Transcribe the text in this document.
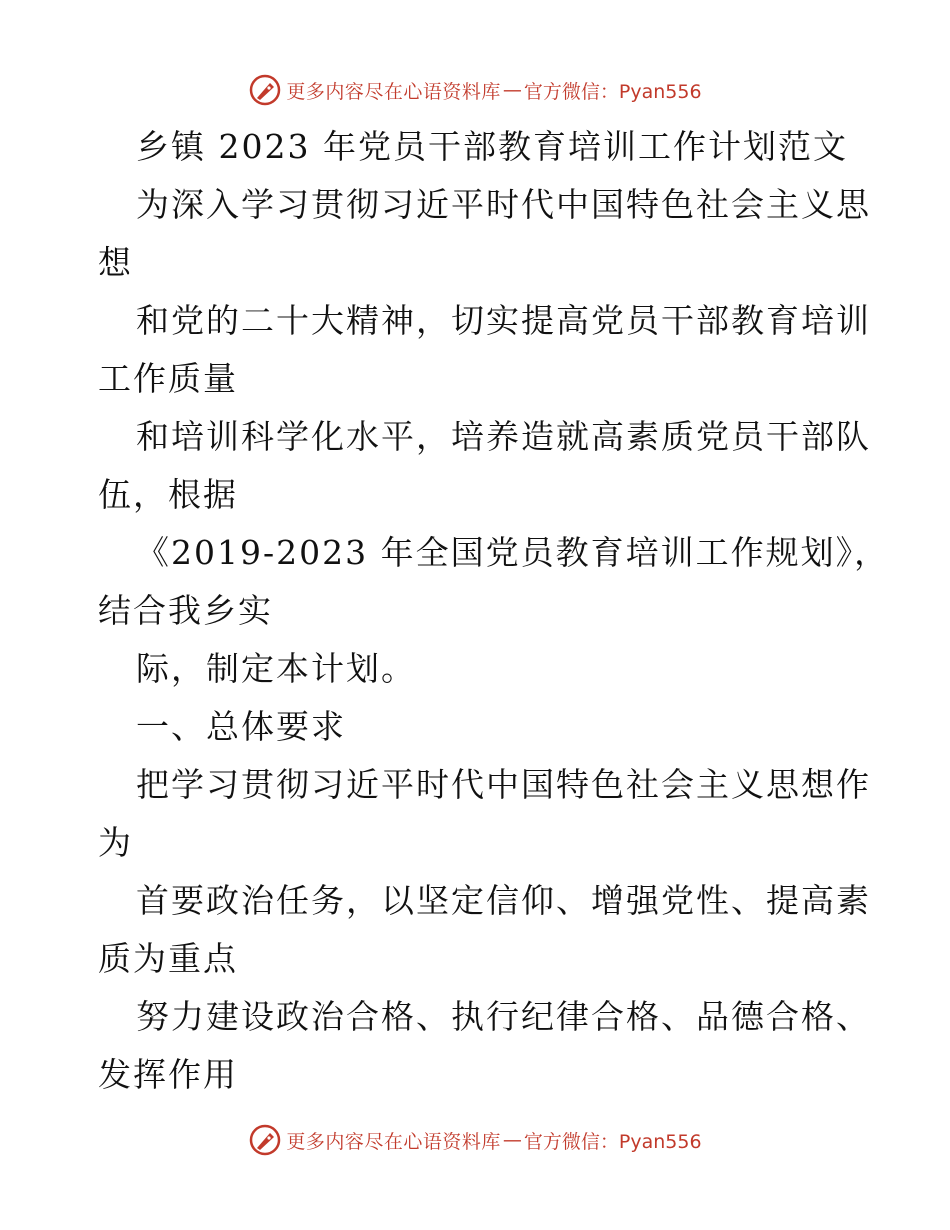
更多内容尽在心语资料库 — 官方微信：Pyan556
乡镇 2023 年党员干部教育培训工作计划范文
为深入学习贯彻习近平时代中国特色社会主义思
想
和党的二十大精神，切实提高党员干部教育培训
工作质量
和培训科学化水平，培养造就高素质党员干部队
伍，根据
《2019-2023 年全国党员教育培训工作规划》，
结合我乡实
际，制定本计划。
一、总体要求
把学习贯彻习近平时代中国特色社会主义思想作
为
首要政治任务，以坚定信仰、增强党性、提高素
质为重点
努力建设政治合格、执行纪律合格、品德合格、
发挥作用
更多内容尽在心语资料库 — 官方微信：Pyan556
